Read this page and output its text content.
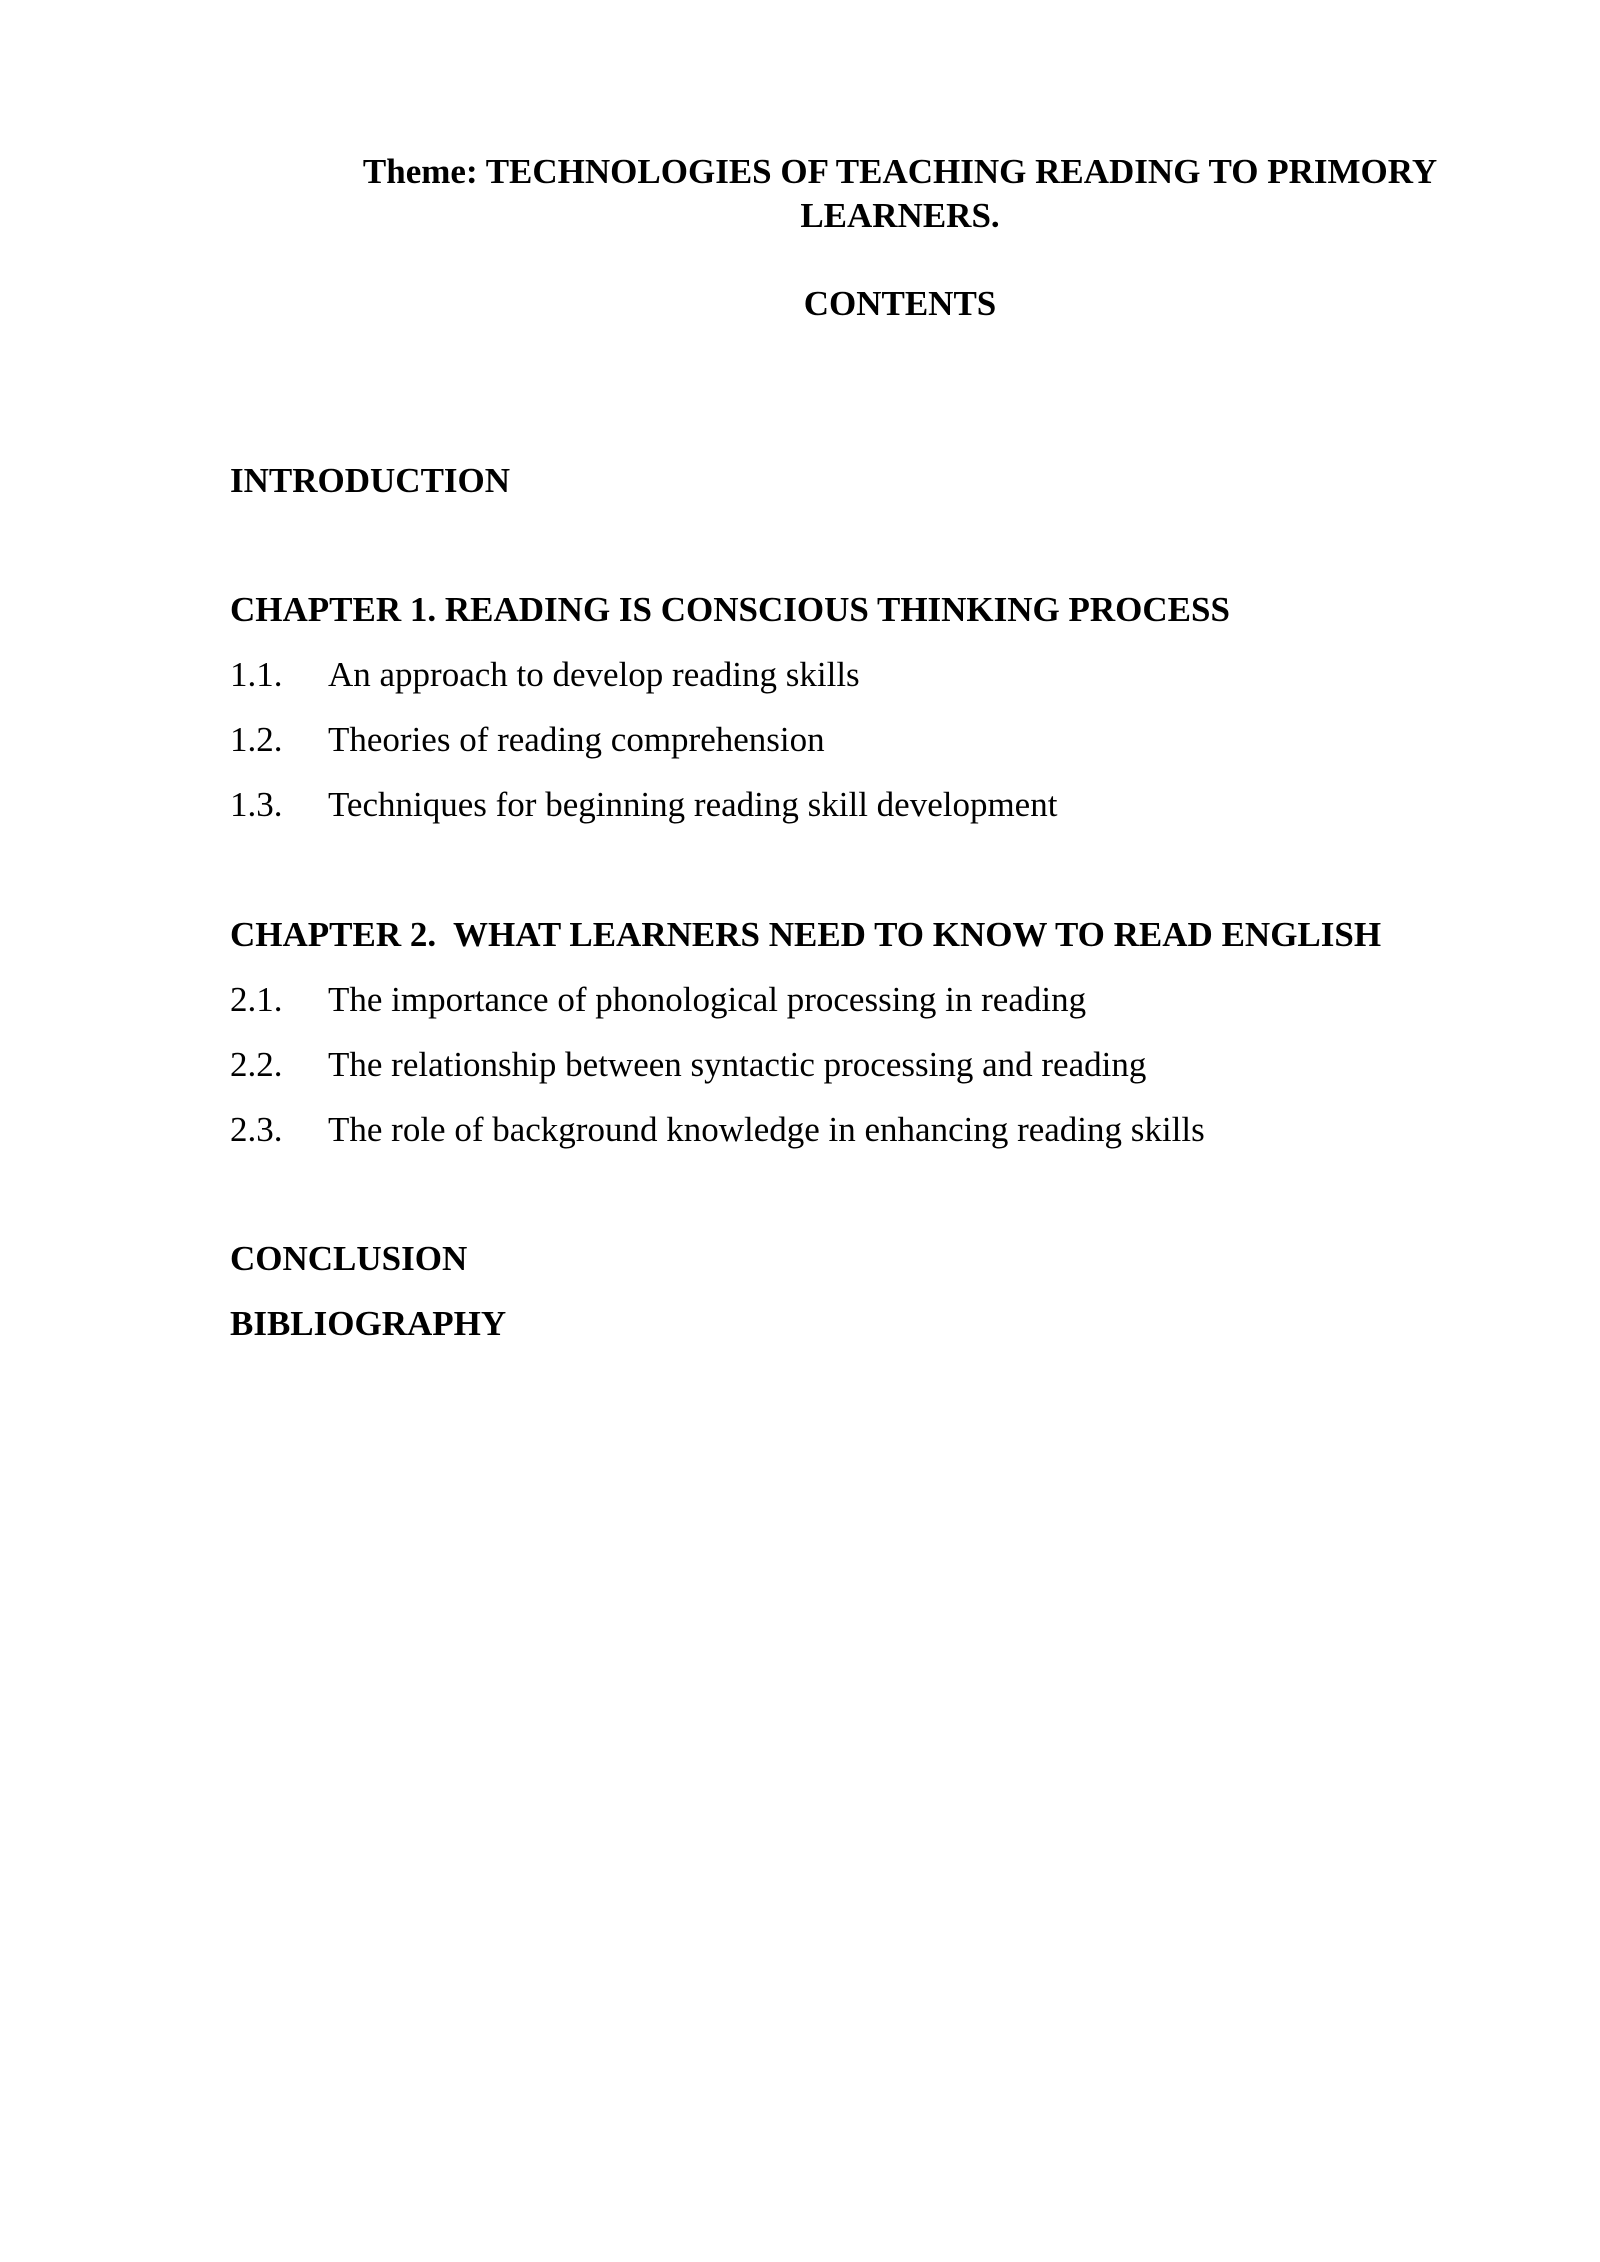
Theme: TECHNOLOGIES OF TEACHING READING TO PRIMORY LEARNERS.
CONTENTS
INTRODUCTION
CHAPTER 1. READING IS CONSCIOUS THINKING PROCESS
1.1. An approach to develop reading skills
1.2. Theories of reading comprehension
1.3. Techniques for beginning reading skill development
CHAPTER 2.  WHAT LEARNERS NEED TO KNOW TO READ ENGLISH
2.1. The importance of phonological processing in reading
2.2. The relationship between syntactic processing and reading
2.3. The role of background knowledge in enhancing reading skills
CONCLUSION
BIBLIOGRAPHY
